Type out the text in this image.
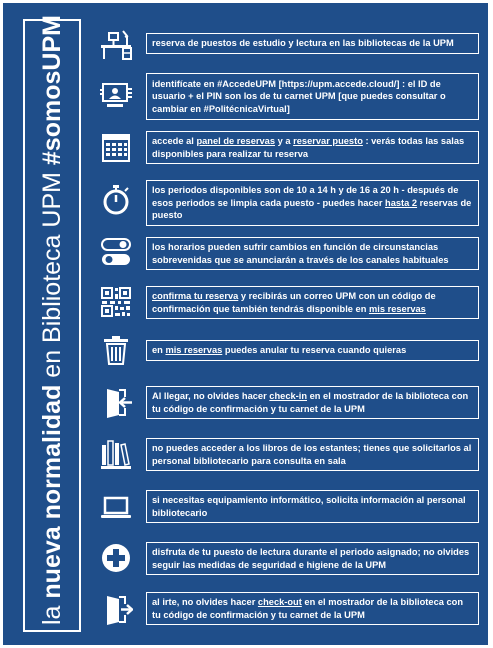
la nueva normalidad en Biblioteca UPM #somosUPM	reserva de puestos de estudio y lectura en las bibliotecas de la UPM
identifícate en #AccedeUPM [https://upm.accede.cloud/] : el ID de usuario + el PIN son los de tu carnet UPM [que puedes consultar o cambiar en #PolitécnicaVirtual]
accede al panel de reservas y a reservar puesto : verás todas las salas disponibles para realizar tu reserva
los periodos disponibles son de 10 a 14 h y de 16 a 20 h - después de esos periodos se limpia cada puesto - puedes hacer hasta 2 reservas de puesto
los horarios pueden sufrir cambios en función de circunstancias sobrevenidas que se anunciarán a través de los canales habituales
confirma tu reserva y recibirás un correo UPM con un código de confirmación que también tendrás disponible en mis reservas
en mis reservas puedes anular tu reserva cuando quieras
Al llegar, no olvides hacer check-in en el mostrador de la biblioteca con tu código de confirmación y tu carnet de la UPM
no puedes acceder a los libros de los estantes; tienes que solicitarlos al personal bibliotecario para consulta en sala
si necesitas equipamiento informático, solicita información al personal bibliotecario
disfruta de tu puesto de lectura durante el periodo asignado; no olvides seguir las medidas de seguridad e higiene de la UPM
al irte, no olvides hacer check-out en el mostrador de la biblioteca con tu código de confirmación y tu carnet de la UPM
